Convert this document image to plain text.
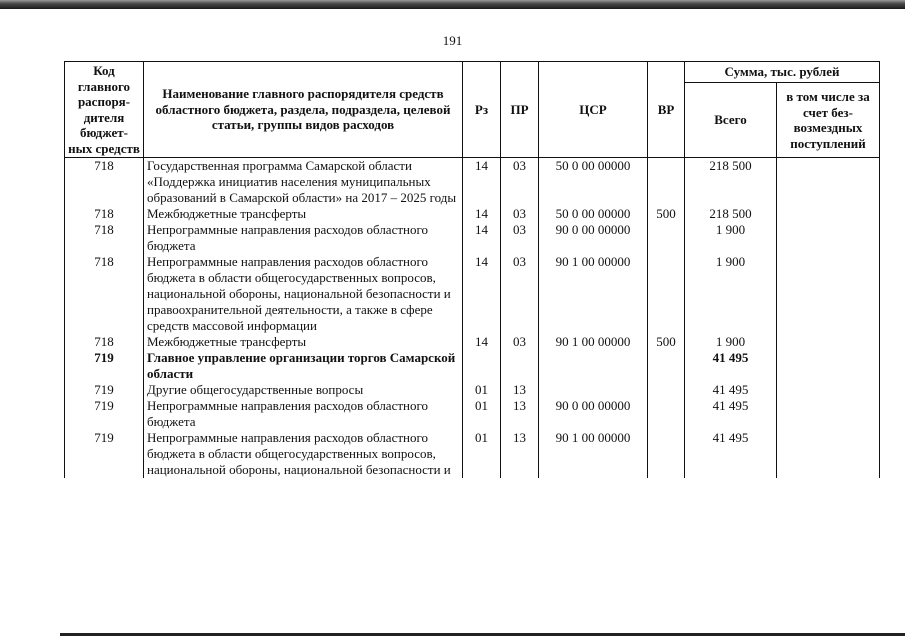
191
Код главного распоря-дителя бюджет-ных средств	Наименование главного распорядителя средств областного бюджета, раздела, подраздела, целевой статьи, группы видов расходов	Рз	ПР	ЦСР	ВР	Сумма, тыс. рублей	
						Всего	в том числе за счет без-возмездных поступлений
718	Государственная программа Самарской области «Поддержка инициатив населения муниципальных образований в Самарской области» на 2017 – 2025 годы	14	03	50 0 00 00000		218 500	
718	Межбюджетные трансферты	14	03	50 0 00 00000	500	218 500	
718	Непрограммные направления расходов областного бюджета	14	03	90 0 00 00000		1 900	
718	Непрограммные направления расходов областного бюджета в области общегосударственных вопросов, национальной обороны, национальной безопасности и правоохранительной деятельности, а также в сфере средств массовой информации	14	03	90 1 00 00000		1 900	
718	Межбюджетные трансферты	14	03	90 1 00 00000	500	1 900	
719	Главное управление организации торгов Самарской области					41 495	
719	Другие общегосударственные вопросы	01	13			41 495	
719	Непрограммные направления расходов областного бюджета	01	13	90 0 00 00000		41 495	
719	Непрограммные направления расходов областного бюджета в области общегосударственных вопросов, национальной обороны, национальной безопасности и	01	13	90 1 00 00000		41 495	
